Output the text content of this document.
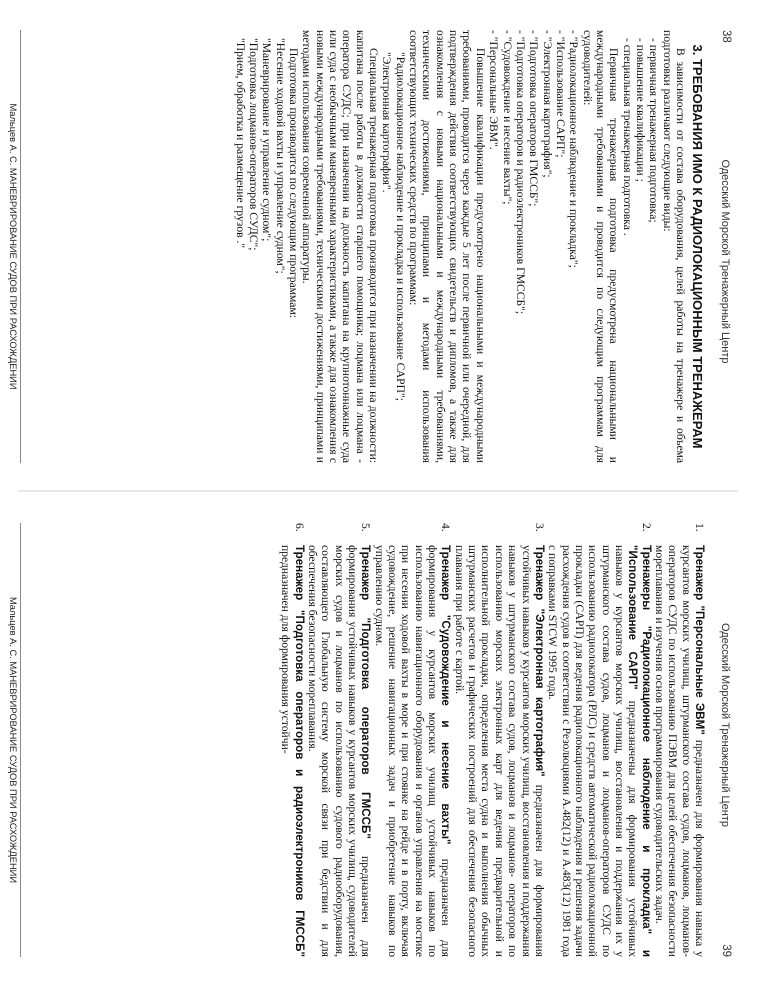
38
Одесский Морской Тренажерный Центр
3. ТРЕБОВАНИЯ ИМО К РАДИОЛОКАЦИОННЫМ ТРЕНАЖЕРАМ

В зависимости от состава оборудования, целей работы на тренажере и объема подготовки различают следующие виды:

- первичная тренажерная подготовка;

- повышение квалификации ;

- специальная тренажерная подготовка .

Первичная тренажерная подготовка предусмотрена национальными и международными требованиями и проводится по следующим программам для судоводителей:

- "Радиолокационное наблюдение и прокладка";

- "Использование САРП";

- "Электронная картография";

- "Подготовка операторов ГМССБ";

- "Подготовка операторов и радиоэлектроников ГМССБ";

- "Судовождение и несение вахты";

- "Персональные ЭВМ".

Повышение квалификации предусмотрено национальными и международными требованиями, проводится через каждые 5 лет после первичной или очередной, для подтверждения действия соответствующих свидетельств и дипломов, а также для ознакомления с новыми национальными и международными требованиями, техническими достижениями, принципами и методами использования соответствующих технических средств по программам:

"Радиолокационное наблюдение и прокладка и использование САРП";

"Электронная картография".

Специальная тренажерная подготовка производится при назначении на должности: капитана после работы в должности старшего помощника; лоцмана или лоцмана - оператора СУДС; при назначении на должность капитана на крупнотоннажные суда или суда с необычными маневренными характеристиками, а также для ознакомления с новыми международными требованиями, техническими достижениями, принципами и методами использования современной аппаратуры.

Подготовка производится по следующим программам:

"Несение ходовой вахты и управление судном";

"Маневрирование и управление судном";

"Подготовка лоцманов-операторов СУДС";

"Прием, обработка и размещение грузов ."

Мальцев А. С. МАНЕВРИРОВАНИЕ СУДОВ ПРИ РАСХОЖДЕНИИ
Одесский Морской Тренажерный Центр
39
1.

Тренажер "Персональные ЭВМ" предназначен для формирования навыка у курсантов морских училищ, штурманского состава судов, лоцманов, лоцманов-операторов СУДС по использованию ПЭВМ для целей обеспечения безопасности мореплавания и изучения основ программирования судоводительских задач.

2.

Тренажеры "Радиолокационное наблюдение и прокладка" и "Использование САРП" предназначены для формирования устойчивых навыков у курсантов морских училищ, восстановления и поддержания их у штурманского состава судов, лоцманов и лоцманов-операторов СУДС по использованию радиолокатора (РЛС) и средств автоматической радиолокационной прокладки (САРП) для ведения радиолокационного наблюдения и решения задачи расхождения судов в соответствии с Резолюциями А.482(12) и А.483(12) 1981 года с поправками STCW 1995 года.

3.

Тренажер "Электронная картография" предназначен для формирования устойчивых навыков у курсантов морских училищ, восстановления и поддержания навыков у штурманского состава судов, лоцманов и лоцманов- операторов по использованию морских электронных карт для ведения предварительной и исполнительной прокладки, определения места судна и выполнения обычных штурманских расчетов и графических построений для обеспечения безопасного плавания при работе с картой.

4.

Тренажер "Судовождение и несение вахты" предназначен для формирования у курсантов морских училищ устойчивых навыков по использованию навигационного оборудования и органов управления на мостике при несении ходовой вахты в море и при стоянке на рейде и в порту, включая судовождение, решение навигационных задач и приобретение навыков по управлению судном.

5.

Тренажер "Подготовка операторов ГМССБ" предназначен для формирования устойчивых навыков у курсантов морских училищ, судоводителей морских судов и лоцманов по использованию судового радиооборудования, составляющего Глобальную систему морской связи при бедствии и для обеспечения безопасности мореплавания.

6.

Тренажер "Подготовка операторов и радиоэлектроников ГМССБ" предназначен для формирования устойчи-

Мальцев А. С. МАНЕВРИРОВАНИЕ СУДОВ ПРИ РАСХОЖДЕНИИ
